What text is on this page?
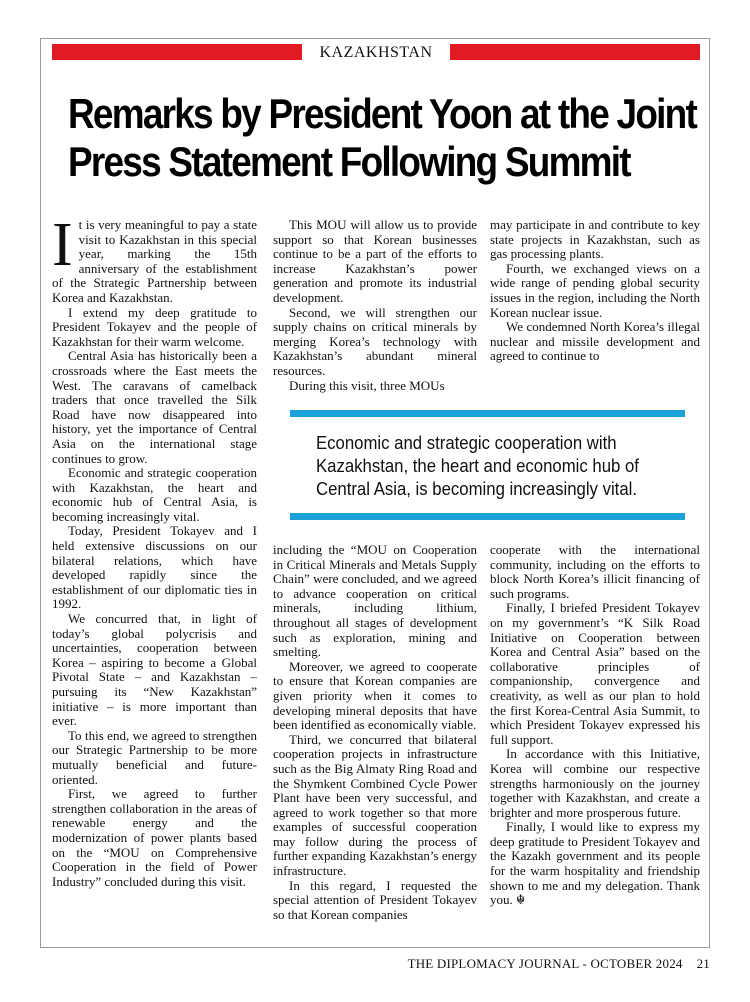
KAZAKHSTAN
Remarks by President Yoon at the Joint
Press Statement Following Summit

It is very meaningful to pay a state visit to Kazakhstan in this special year, marking the 15th anniversary of the establishment of the Strategic Partnership between Korea and Kazakhstan.

I extend my deep gratitude to President Tokayev and the people of Kazakhstan for their warm welcome.

Central Asia has historically been a crossroads where the East meets the West. The caravans of camelback traders that once travelled the Silk Road have now disappeared into history, yet the importance of Central Asia on the international stage continues to grow.

Economic and strategic cooperation with Kazakhstan, the heart and economic hub of Central Asia, is becoming increasingly vital.

Today, President Tokayev and I held extensive discussions on our bilateral relations, which have developed rapidly since the establishment of our diplomatic ties in 1992.

We concurred that, in light of today’s global polycrisis and uncertainties, cooperation between Korea – aspiring to become a Global Pivotal State – and Kazakhstan – pursuing its “New Kazakhstan” initiative – is more important than ever.

To this end, we agreed to strengthen our Strategic Partnership to be more mutually beneficial and future-oriented.

First, we agreed to further strengthen collaboration in the areas of renewable energy and the modernization of power plants based on the “MOU on Comprehensive Cooperation in the field of Power Industry” concluded during this visit.

This MOU will allow us to provide support so that Korean businesses continue to be a part of the efforts to increase Kazakhstan’s power generation and promote its industrial development.

Second, we will strengthen our supply chains on critical minerals by merging Korea’s technology with Kazakhstan’s abundant mineral resources.

During this visit, three MOUs

may participate in and contribute to key state projects in Kazakhstan, such as gas processing plants.

Fourth, we exchanged views on a wide range of pending global security issues in the region, including the North Korean nuclear issue.

We condemned North Korea’s illegal nuclear and missile development and agreed to continue to

Economic and strategic cooperation with
Kazakhstan, the heart and economic hub of
Central Asia, is becoming increasingly vital.

including the “MOU on Cooperation in Critical Minerals and Metals Supply Chain” were concluded, and we agreed to advance cooperation on critical minerals, including lithium, throughout all stages of development such as exploration, mining and smelting.

Moreover, we agreed to cooperate to ensure that Korean companies are given priority when it comes to developing mineral deposits that have been identified as economically viable.

Third, we concurred that bilateral cooperation projects in infrastructure such as the Big Almaty Ring Road and the Shymkent Combined Cycle Power Plant have been very successful, and agreed to work together so that more examples of successful cooperation may follow during the process of further expanding Kazakhstan’s energy infrastructure.

In this regard, I requested the special attention of President Tokayev so that Korean companies

cooperate with the international community, including on the efforts to block North Korea’s illicit financing of such programs.

Finally, I briefed President Tokayev on my government’s “K Silk Road Initiative on Cooperation between Korea and Central Asia” based on the collaborative principles of companionship, convergence and creativity, as well as our plan to hold the first Korea-Central Asia Summit, to which President Tokayev expressed his full support.

In accordance with this Initiative, Korea will combine our respective strengths harmoniously on the journey together with Kazakhstan, and create a brighter and more prosperous future.

Finally, I would like to express my deep gratitude to President Tokayev and the Kazakh government and its people for the warm hospitality and friendship shown to me and my delegation. Thank you. ☬

THE DIPLOMACY JOURNAL - OCTOBER 2024 21
